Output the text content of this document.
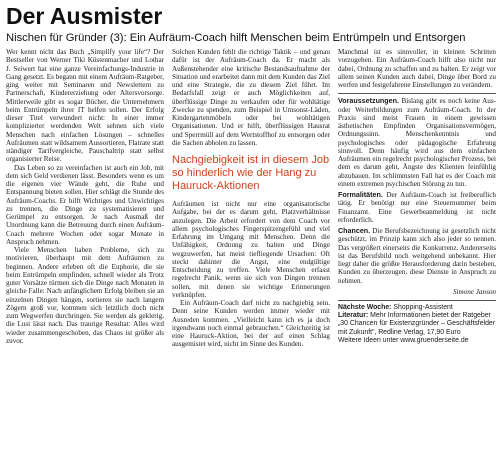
Der Ausmister
Nischen für Gründer (3): Ein Aufräum-Coach hilft Menschen beim Entrümpeln und Entsorgen

Wer kennt nicht das Buch „Simplify your life“? Der Bestseller von Werner Tiki Küstenmacher und Lothar J. Seiwert hat eine ganze Vereinfachungs-Industrie in Gang gesetzt. Es begann mit einem Aufräum-Ratgeber, ging weiter mit Seminaren und Newslettern zu Partnerschaft, Kindererziehung oder Altersvorsorge. Mittlerweile gibt es sogar Bücher, die Unternehmern beim Entrümpeln ihrer IT helfen sollen. Der Erfolg dieser Titel verwundert nicht: In einer immer komplizierter werdenden Welt sehnen sich viele Menschen nach einfachen Lösungen – schnelles Aufräumen statt wildsamem Aussortieren, Flatrate statt ständiger Tarifvergleiche, Pauschaltrip statt selbst organisierter Reise.

Das Leben so zu vereinfachen ist auch ein Job, mit dem sich Geld verdienen lässt. Besonders wenn es um die eigenen vier Wände geht, die Ruhe und Entspannung bieten sollen. Hier schlägt die Stunde des Aufräum-Coachs. Er hilft Wichtiges und Unwichtiges zu trennen, die Dinge zu systematisieren und Gerümpel zu entsorgen. Je nach Ausmaß der Unordnung kann die Betreuung durch einen Aufräum-Coach mehrere Wochen oder sogar Monate in Anspruch nehmen.

Viele Menschen haben Probleme, sich zu motivieren, überhaupt mit dem Aufräumen zu beginnen. Andere erleben oft die Euphorie, die sie beim Entrümpeln empfinden, schnell wieder als Trotz guter Vorsätze türmen sich die Dinge nach Monaten in gleiche Falle: Nach anfänglichem Erfolg bleiben sie an einzelnen Dingen hängen, sortieren sie nach langem Zögern groß vor, kommen sich letztlich doch nicht zum Wegwerfen durchringen. Sie werden als geklerig, die Lust lässt nach. Das traurige Resultat: Alles wird wieder zusammengeschoben, das Chaos ist größer als zuvor.

Solchen Kunden fehlt die richtige Taktik – und genau dafür ist der Aufräum-Coach da. Er macht als Außenstehender eine kritische Bestandsaufnahme der Situation und erarbeitet dann mit dem Kunden das Ziel und eine Strategie, die zu diesem Ziel führt. Im Bedarfsfall zeigt er auch Möglichkeiten auf, überflüssige Dinge zu verkaufen oder für wohltätige Zwecke zu spenden, zum Beispiel in Umsonst-Läden, Kindergartenmöbeln oder bei wohltätigen Organisationen. Und er hilft, überflüssigen Hausrat und Sperrmüll auf dem Wertstoffhof zu entsorgen oder die Sachen abholen zu lassen.

Nachgiebigkeit ist in diesem Job so hinderlich wie der Hang zu Hauruck-Aktionen

Aufräumen ist nicht nur eine organisatorische Aufgabe, bei der es darum geht, Platzverhältnisse anzulegen. Die Arbeit erfordert von dem Coach vor allem psychologisches Fingerspitzengefühl und viel Erfahrung im Umgang mit Menschen. Denn die Unfähigkeit, Ordnung zu halten und Dinge wegzuwerfen, hat meist tiefliegende Ursachen: Oft steckt dahinter die Angst, eine endgültige Entscheidung zu treffen. Viele Menschen erfasst regelrecht Panik, wenn sie sich von Dingen trennen sollen, mit denen sie wichtige Erinnerungen verknüpfen.

Ein Aufräum-Coach darf nicht zu nachgiebig sein. Denn seine Kunden werden immer wieder mit Ausreden kommen. „Vielleicht kann ich es ja doch irgendwann noch einmal gebrauchen.“ Gleichzeitig ist eine Hauruck-Aktion, bei der auf einen Schlag ausgemistet wird, nicht im Sinne des Kunden.

Manchmal ist es sinnvoller, in kleinen Schritten vorzugehen. Ein Aufräum-Coach hilft also nicht nur dabei, Ordnung zu schaffen und zu halten. Er zeigt vor allem seinen Kunden auch dabei, Dinge über Bord zu werfen und festgefahrene Einstellungen zu verändern.

Voraussetzungen. Bislang gibt es noch keine Aus- oder Weiterbildungen zum Aufräum-Coach. In der Praxis sind meist Frauen in einem gewissen ästhetischen Empfinden Organisationsvermögen, Ordnungssinn. Menschenkenntnis und psychologisches oder pädagogische Erfahrung sinnvoll. Denn häufig wird aus dem einfachen Aufräumen ein regelrecht psychologischer Prozess, bei dem es darum geht, Ängste des Klienten feinfühlig abzubauen. Im schlimmsten Fall hat es der Coach mit einem extremen psychischen Störung zu tun.

Formalitäten. Der Aufräum-Coach ist freiberuflich tätig. Er benötigt nur eine Steuernummer beim Finanzamt. Eine Gewerbeanmeldung ist nicht erforderlich.

Chancen. Die Berufsbezeichnung ist gesetzlich nicht geschützt, im Prinzip kann sich also jeder so nennen. Das vergrößert einerseits die Konkurrenz. Andererseits ist das Berufsbild noch weitgehend unbekannt. Hier liegt daher die größte Herausforderung darin bestehen, Kunden zu überzeugen, diese Dienste in Anspruch zu nehmen.

Simone Janson

Nächste Woche: Shopping-Assistent

Literatur: Mehr Informationen bietet der Ratgeber „30 Chancen für Existenzgründer – Geschäftsfelder mit Zukunft“, Redline Verlag, 17,90 Euro

Weitere Ideen unter www.gruenderseite.de
